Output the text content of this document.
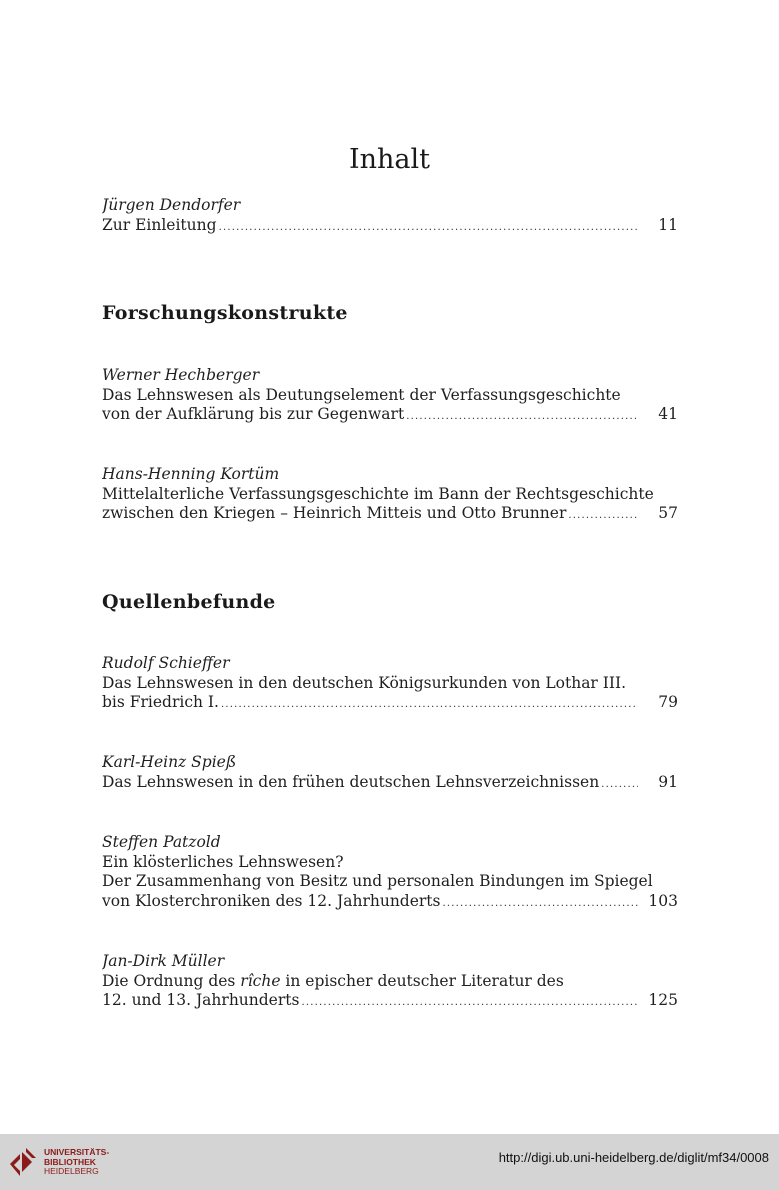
Inhalt
Jürgen Dendorfer
Zur Einleitung .....	11
Forschungskonstrukte
Werner Hechberger
Das Lehnswesen als Deutungselement der Verfassungsgeschichte
von der Aufklärung bis zur Gegenwart .....	41
Hans-Henning Kortüm
Mittelalterliche Verfassungsgeschichte im Bann der Rechtsgeschichte
zwischen den Kriegen – Heinrich Mitteis und Otto Brunner .....	57
Quellenbefunde
Rudolf Schieffer
Das Lehnswesen in den deutschen Königsurkunden von Lothar III.
bis Friedrich I. .....	79
Karl-Heinz Spieß
Das Lehnswesen in den frühen deutschen Lehnsverzeichnissen .....	91
Steffen Patzold
Ein klösterliches Lehnswesen?
Der Zusammenhang von Besitz und personalen Bindungen im Spiegel
von Klosterchroniken des 12. Jahrhunderts .....	103
Jan-Dirk Müller
Die Ordnung des rîche in epischer deutscher Literatur des
12. und 13. Jahrhunderts .....	125
UNIVERSITÄTS-
BIBLIOTHEK
HEIDELBERG
http://digi.ub.uni-heidelberg.de/diglit/mf34/0008
